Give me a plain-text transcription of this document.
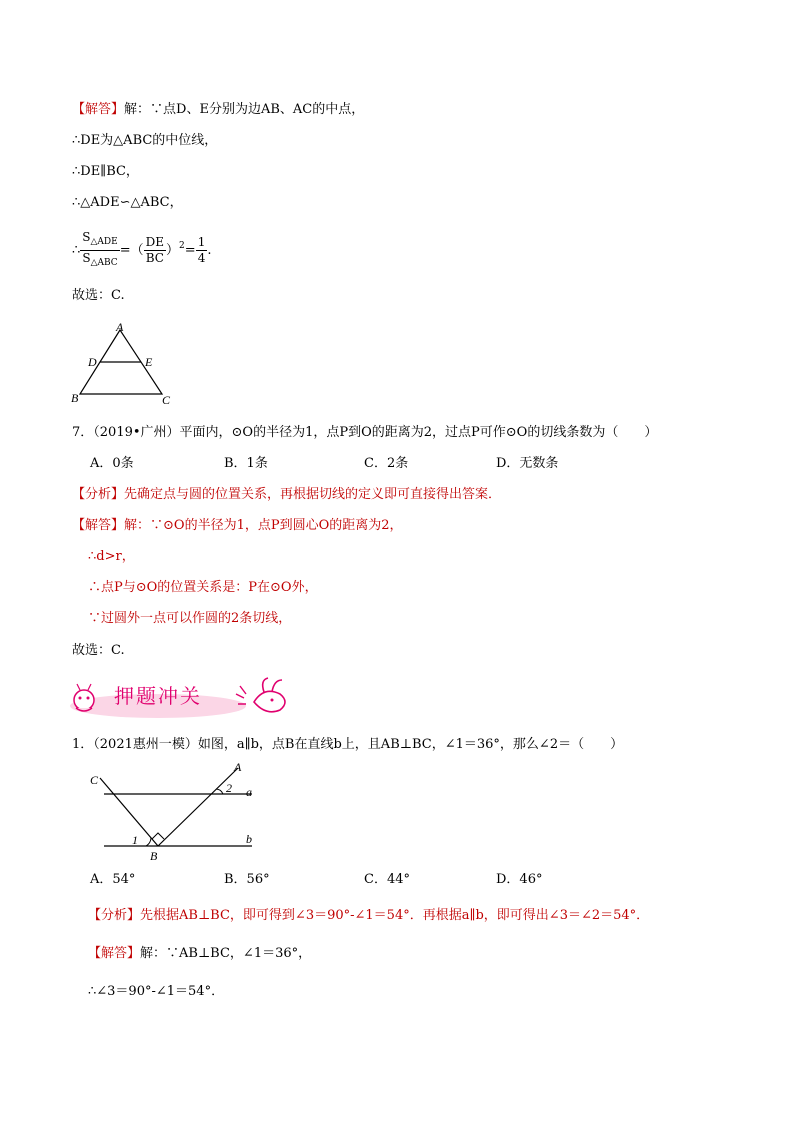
【解答】解：∵点D、E分别为边AB、AC的中点，
∴DE为△ABC的中位线，
∴DE∥BC，
∴△ADE∽△ABC，
∴ $\frac{S_{\triangle ADE}}{S_{\triangle ABC}}$ =（ $\frac{DE}{BC} )^2= \frac{1}{4}$ .
故选：C.
A
D	E
B	C
7．（2019•广州）平面内，⊙O的半径为1，点P到O的距离为2，过点P可作⊙O的切线条数为（　　）
A．0条	B．1条	C．2条	D．无数条
【分析】先确定点与圆的位置关系，再根据切线的定义即可直接得出答案．
【解答】解：∵⊙O的半径为1，点P到圆心O的距离为2，
∴d>r，
∴点P与⊙O的位置关系是：P在⊙O外，
∵过圆外一点可以作圆的2条切线，
故选：C.
押题冲关
1．（2021惠州一模）如图，a∥b，点B在直线b上，且AB⊥BC，∠1＝36°，那么∠2＝（　　）
C
A
B
a
b
1
2
A．54°	B．56°	C．44°	D．46°
【分析】先根据AB⊥BC，即可得到∠3＝90°-∠1＝54°．再根据a∥b，即可得出∠3＝∠2＝54°．
【解答】解：∵AB⊥BC，∠1＝36°，
∴∠3＝90°-∠1＝54°．
